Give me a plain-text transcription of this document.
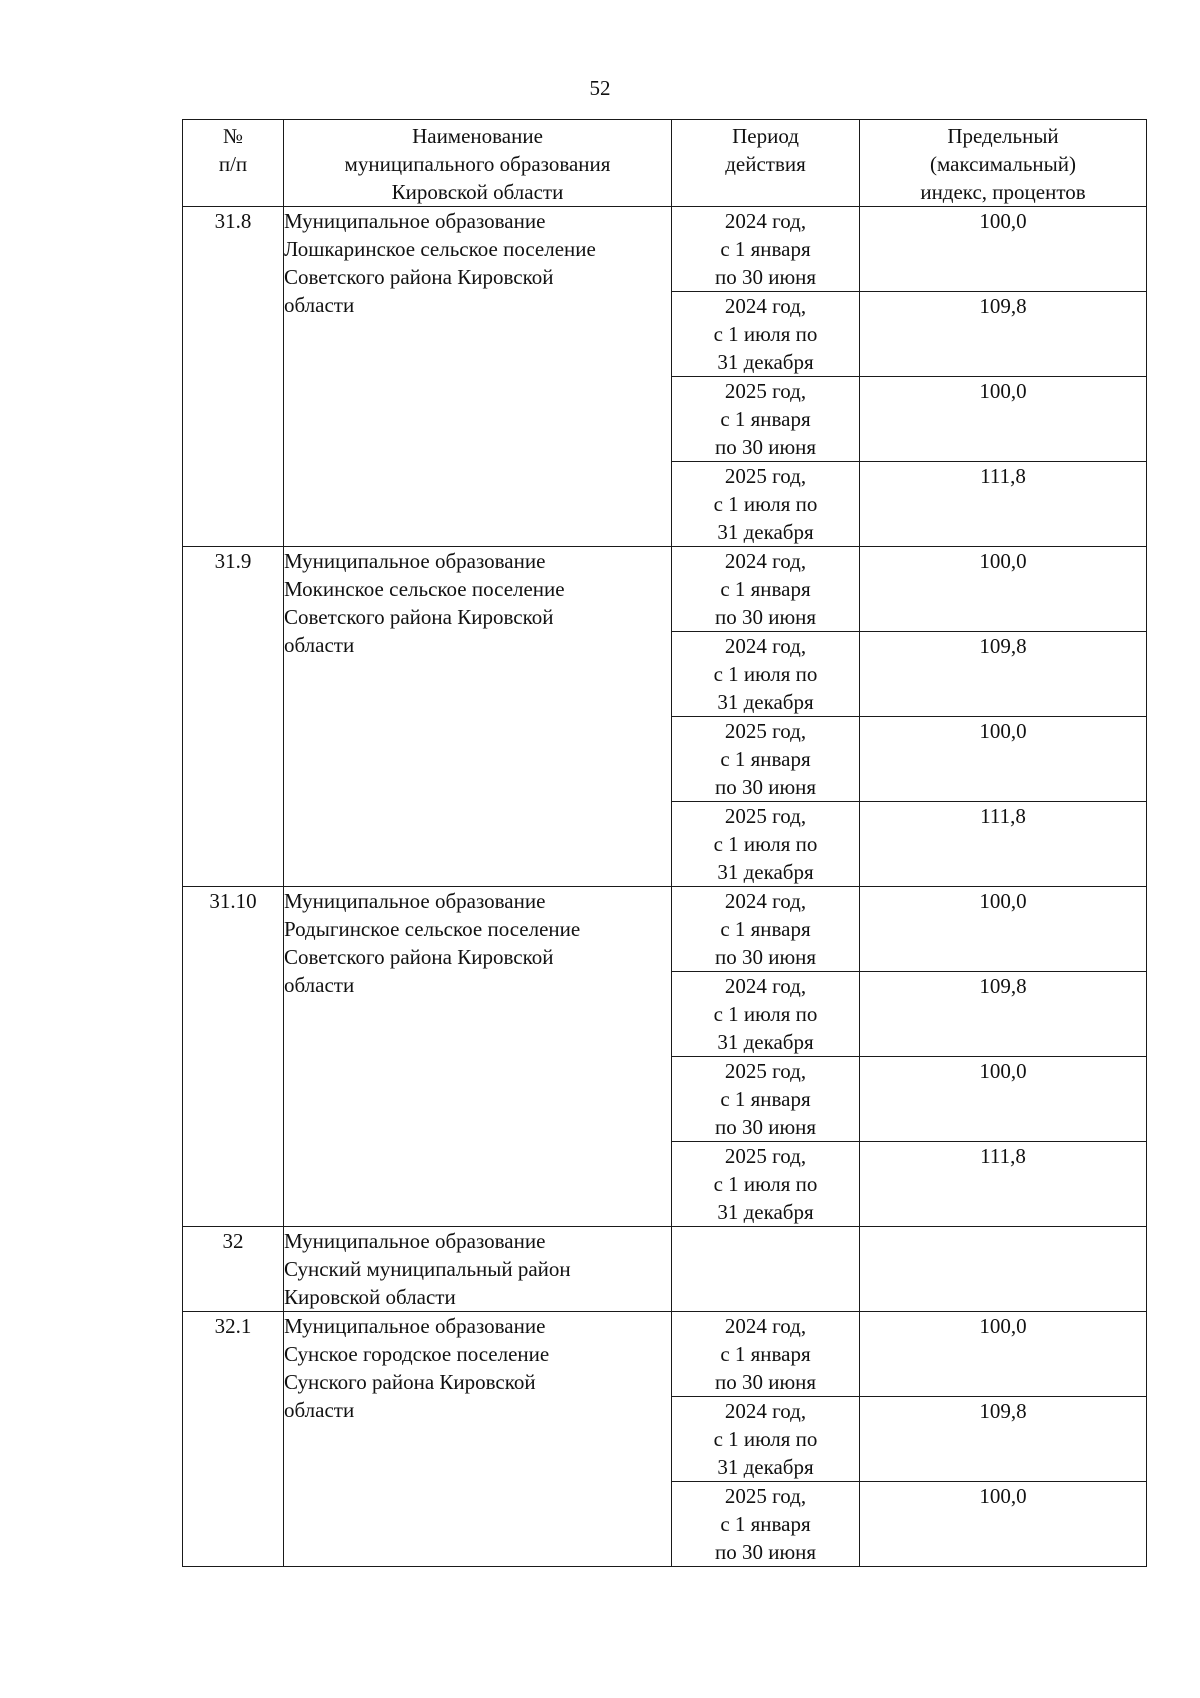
52
№
п/п	Наименование
муниципального образования
Кировской области	Период
действия	Предельный
(максимальный)
индекс, процентов

31.8	Муниципальное образование
Лошкаринское сельское поселение
Советского района Кировской
области	2024 год,
с 1 января
по 30 июня	100,0
		2024 год,
с 1 июля по
31 декабря	109,8
		2025 год,
с 1 января
по 30 июня	100,0
		2025 год,
с 1 июля по
31 декабря	111,8
31.9	Муниципальное образование
Мокинское сельское поселение
Советского района Кировской
области	2024 год,
с 1 января
по 30 июня	100,0
		2024 год,
с 1 июля по
31 декабря	109,8
		2025 год,
с 1 января
по 30 июня	100,0
		2025 год,
с 1 июля по
31 декабря	111,8
31.10	Муниципальное образование
Родыгинское сельское поселение
Советского района Кировской
области	2024 год,
с 1 января
по 30 июня	100,0
		2024 год,
с 1 июля по
31 декабря	109,8
		2025 год,
с 1 января
по 30 июня	100,0
		2025 год,
с 1 июля по
31 декабря	111,8
32	Муниципальное образование
Сунский муниципальный район
Кировской области		

32.1	Муниципальное образование
Сунское городское поселение
Сунского района Кировской
области	2024 год,
с 1 января
по 30 июня	100,0
		2024 год,
с 1 июля по
31 декабря	109,8
		2025 год,
с 1 января
по 30 июня	100,0
